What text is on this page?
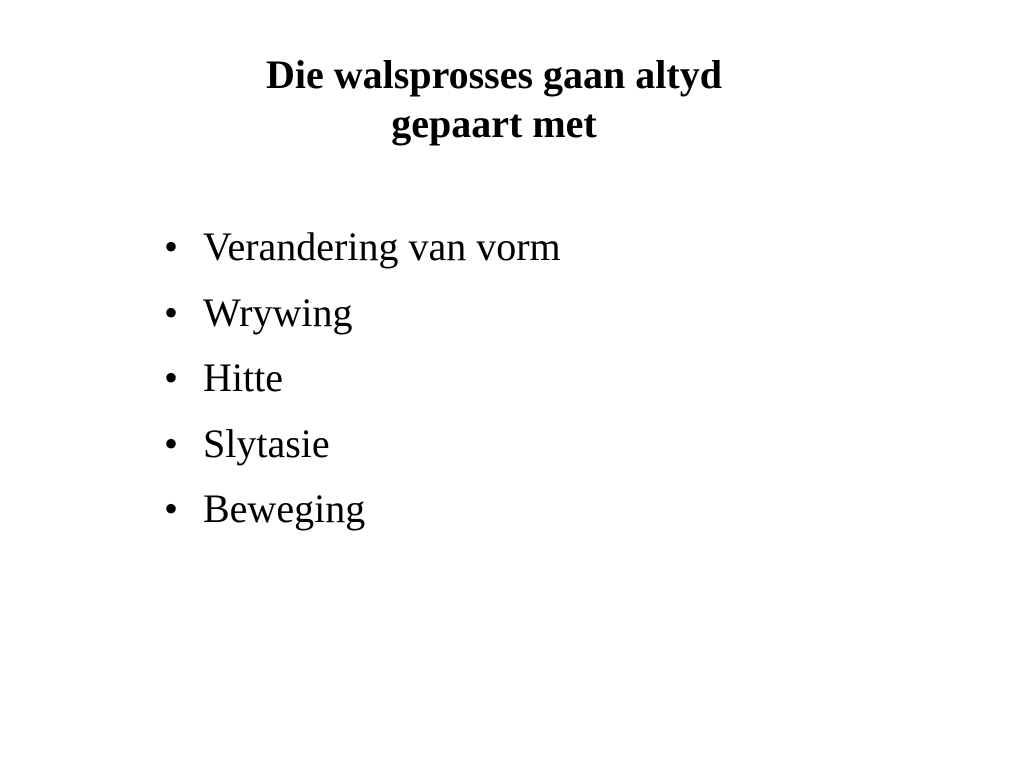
Die walsprosses gaan altyd
gepaart met
• Verandering van vorm
• Wrywing
• Hitte
• Slytasie
• Beweging
